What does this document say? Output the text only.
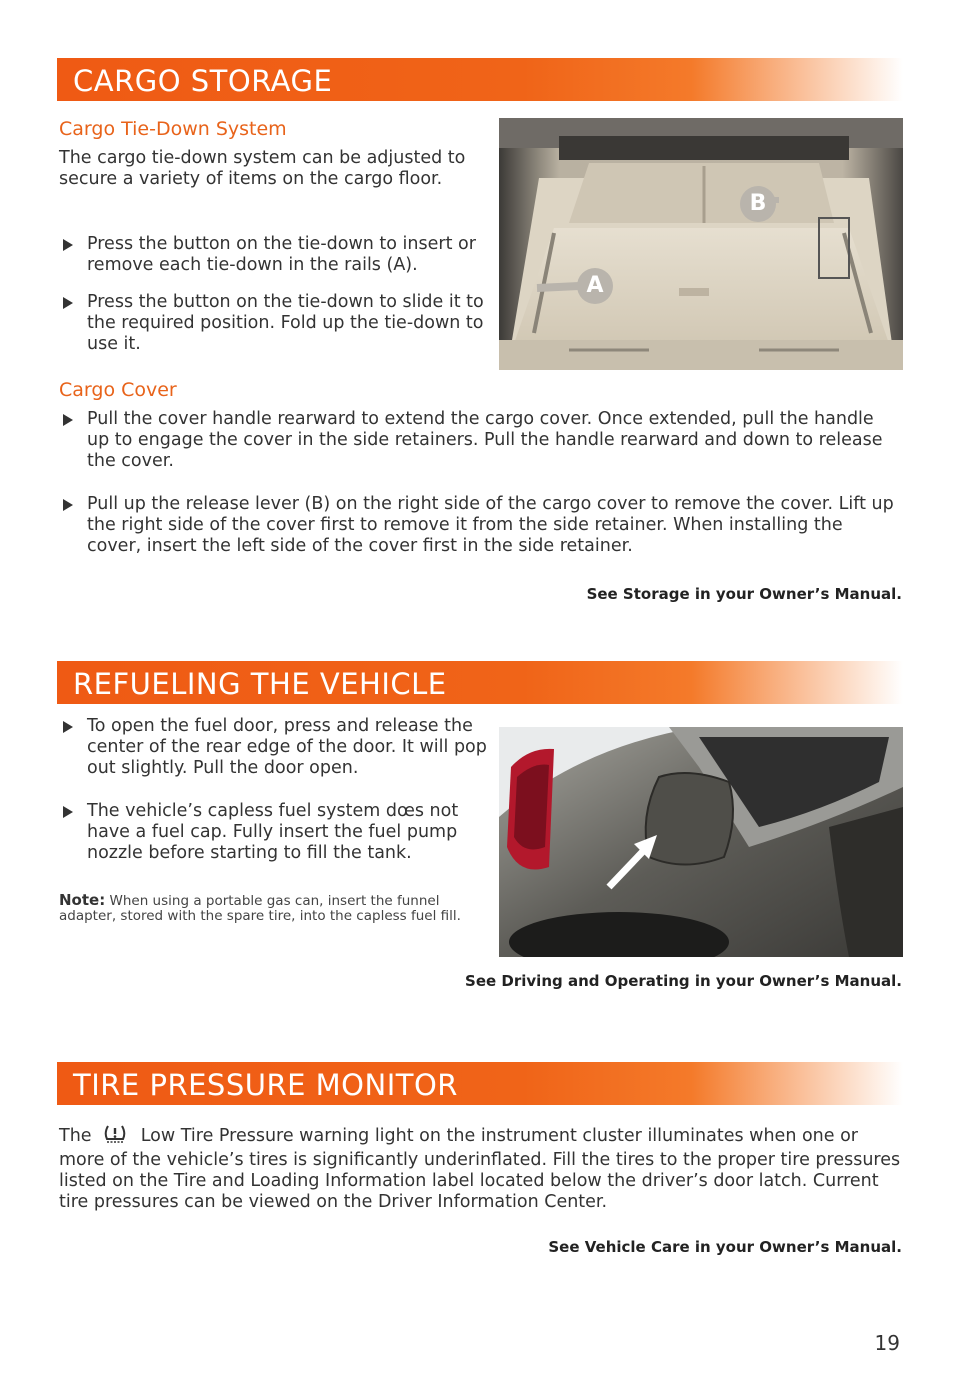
CARGO STORAGE
Cargo Tie-Down System
The cargo tie-down system can be adjusted to secure a variety of items on the cargo floor.
Press the button on the tie-down to insert or remove each tie-down in the rails (A).
Press the button on the tie-down to slide it to the required position. Fold up the tie-down to use it.
A
B
Cargo Cover
Pull the cover handle rearward to extend the cargo cover. Once extended, pull the handle up to engage the cover in the side retainers. Pull the handle rearward and down to release the cover.
Pull up the release lever (B) on the right side of the cargo cover to remove the cover. Lift up the right side of the cover first to remove it from the side retainer. When installing the cover, insert the left side of the cover first in the side retainer.
See Storage in your Owner’s Manual.
REFUELING THE VEHICLE
To open the fuel door, press and release the center of the rear edge of the door. It will pop out slightly. Pull the door open.
The vehicle’s capless fuel system dœs not have a fuel cap. Fully insert the fuel pump nozzle before starting to fill the tank.
Note: When using a portable gas can, insert the funnel adapter, stored with the spare tire, into the capless fuel fill.
See Driving and Operating in your Owner’s Manual.
TIRE PRESSURE MONITOR
The	Low Tire Pressure warning light on the instrument cluster illuminates when one or more of the vehicle’s tires is significantly underinflated. Fill the tires to the proper tire pressures listed on the Tire and Loading Information label located below the driver’s door latch. Current tire pressures can be viewed on the Driver Information Center.
See Vehicle Care in your Owner’s Manual.
19
